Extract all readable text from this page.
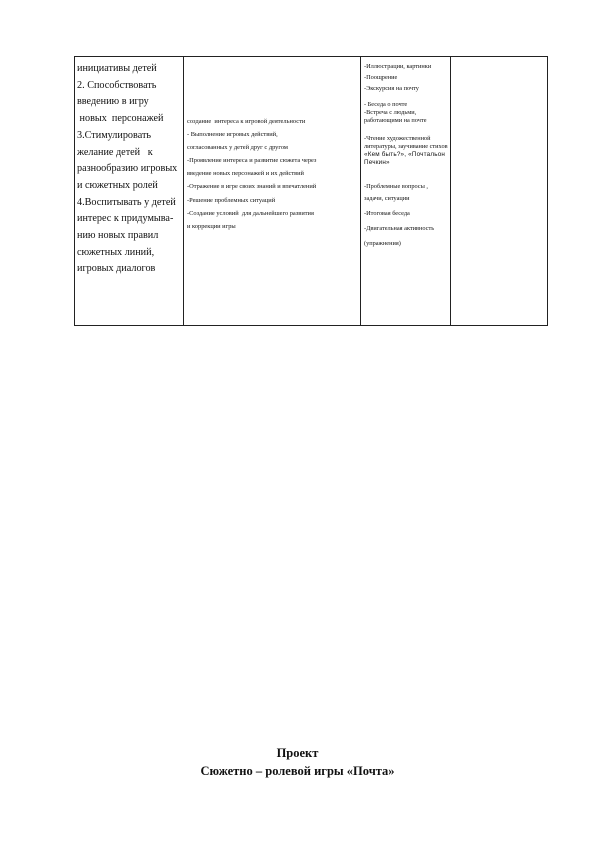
инициативы детей
2. Способствовать
введению в игру
новых  персонажей
3.Стимулировать
желание детей   к
разнообразию игровых
и сюжетных ролей
4.Воспитывать у детей
интерес к придумыва-
нию новых правил
сюжетных линий,
игровых диалогов

создание  интереса к игровой деятельности
- Выполнение игровых действий,
согласованных у детей друг с другом
-Проявление интереса и развитие сюжета через
введение новых персонажей и их действий
-Отражение в игре своих знаний и впечатлений
-Решение проблемных ситуаций
-Создание условий  для дальнейшего развития
и коррекции игры

-Иллюстрации, картинки
-Поощрение
-Экскурсия на почту
- Беседа о почте
-Встреча с людьми, работающими на почте
-Чтение художественной литературы, заучивание стихов
«Кем быть?», «Почтальон Печкин»
-Проблемные вопросы , задачи, ситуации
-Итоговая беседа
-Двигательная активность
(упражнения)

Проект
Сюжетно – ролевой игры «Почта»
